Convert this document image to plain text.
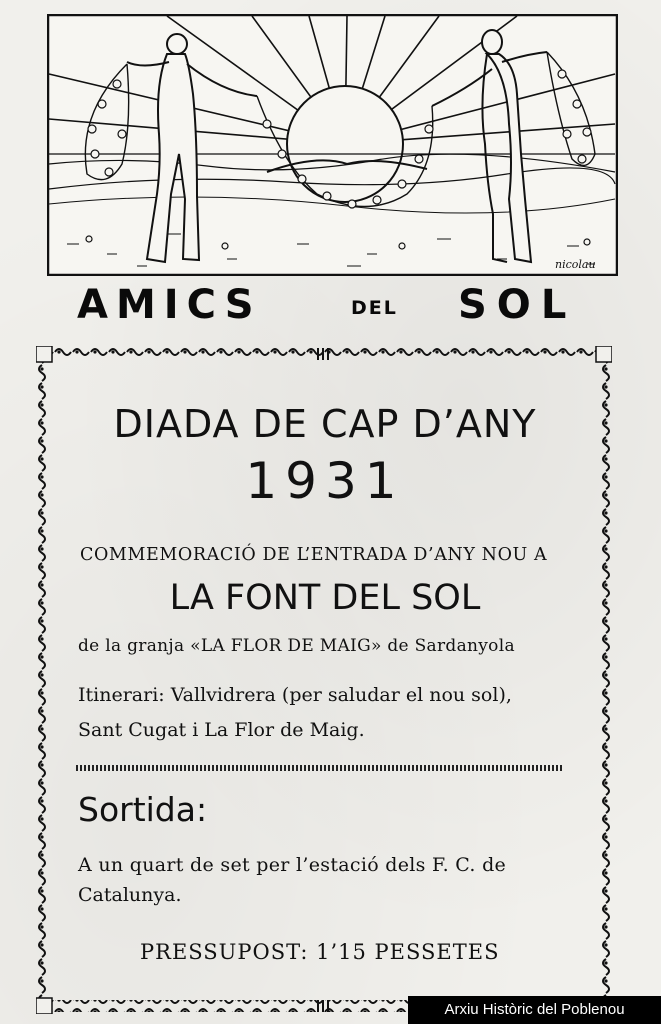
nicolau
AMICS	DEL SOL
DIADA DE CAP D’ANY
1931
COMMEMORACIÓ DE L’ENTRADA D’ANY NOU A
LA FONT DEL SOL
de la granja «LA FLOR DE MAIG» de Sardanyola
Itinerari: Vallvidrera (per saludar el nou sol),
Sant Cugat i La Flor de Maig.
Sortida:
A un quart de set per l’estació dels F. C. de
Catalunya.
PRESSUPOST: 1’15 PESSETES
Arxiu Històric del Poblenou
